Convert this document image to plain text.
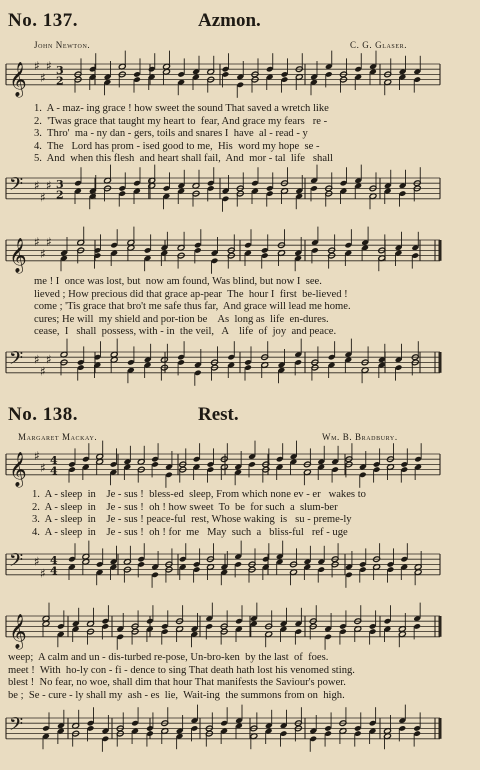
No. 137.	Azmon.
John Newton.	C. G. Glaser.
𝄞 ♯
♯
♯ 3
2
1.  A - maz- ing grace ! how sweet the sound That saved a wretch like
2.  'Twas grace that taught my heart to  fear, And grace my fears   re -
3.  Thro'  ma - ny dan - gers, toils and snares I  have  al - read - y
4.  The   Lord has prom - ised good to me,  His  word my hope  se -
5.  And  when this flesh  and heart shall fail,  And  mor - tal  life   shall
𝄢 ♯
♯
♯ 3
2
𝄞 ♯
♯
♯
me ! I  once was lost, but  now am found, Was blind, but now I  see.
lieved ; How precious did that grace ap-pear  The  hour I  first  be-lieved !
come ; 'Tis grace that bro't me safe thus far,  And grace will lead me home.
cures; He will  my shield and por-tion be    As  long as  life  en-dures.
cease,  I   shall  possess, with - in  the veil,   A    life  of  joy  and peace.
𝄢 ♯
♯
♯
No. 138.	Rest.
Margaret Mackay.	Wm. B. Bradbury.
𝄞 ♯
♯
4
4
1.  A - sleep  in    Je - sus !  bless-ed  sleep, From which none ev - er   wakes to
2.  A - sleep  in    Je - sus !  oh ! how sweet  To  be  for such  a  slum-ber
3.  A - sleep  in    Je - sus ! peace-ful  rest, Whose waking  is   su - preme-ly
4.  A - sleep  in    Je - sus !  oh ! for  me   May  such  a   bliss-ful   ref - uge
𝄢 ♯
♯
4
4
𝄞
weep;  A calm and un - dis-turbed re-pose, Un-bro-ken  by the last  of  foes.
meet !  With  ho-ly con - fi - dence to sing That death hath lost his venomed sting.
blest !  No fear, no woe, shall dim that hour That manifests the Saviour's power.
be ;  Se - cure - ly shall my  ash - es  lie,  Wait-ing  the summons from on  high.
𝄢
